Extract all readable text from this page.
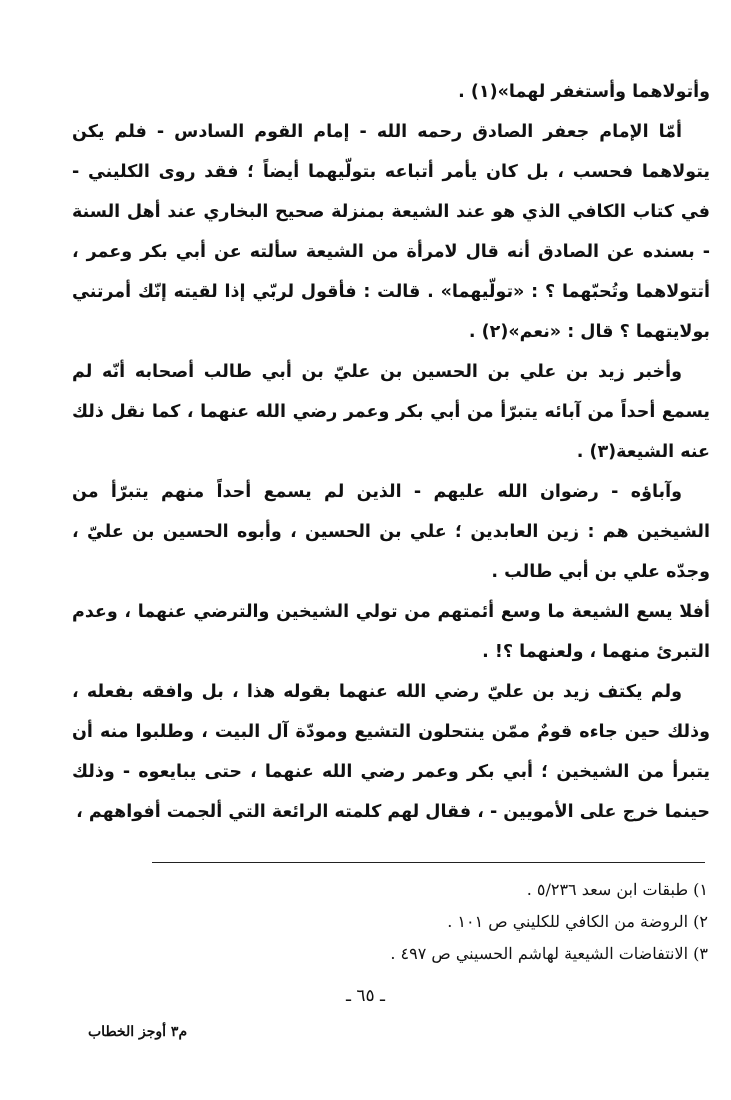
وأتولاهما وأستغفر لهما»(١) .

أمّا الإمام جعفر الصادق رحمه الله - إمام القوم السادس - فلم يكن يتولاهما فحسب ، بل كان يأمر أتباعه بتولّيهما أيضاً ؛ فقد روى الكليني - في كتاب الكافي الذي هو عند الشيعة بمنزلة صحيح البخاري عند أهل السنة - بسنده عن الصادق أنه قال لامرأة من الشيعة سألته عن أبي بكر وعمر ، أتتولاهما وتُحبّهما ؟ : «تولّيهما» . قالت : فأقول لربّي إذا لقيته إنّك أمرتني بولايتهما ؟ قال : «نعم»(٢) .

وأخبر زيد بن علي بن الحسين بن عليّ بن أبي طالب أصحابه أنّه لم يسمع أحداً من آبائه يتبرّأ من أبي بكر وعمر رضي الله عنهما ، كما نقل ذلك عنه الشيعة(٣) .

وآباؤه - رضوان الله عليهم - الذين لم يسمع أحداً منهم يتبرّأ من الشيخين هم : زين العابدين ؛ علي بن الحسين ، وأبوه الحسين بن عليّ ، وجدّه علي بن أبي طالب .

أفلا يسع الشيعة ما وسع أئمتهم من تولي الشيخين والترضي عنهما ، وعدم التبرئ منهما ، ولعنهما ؟! .

ولم يكتف زيد بن عليّ رضي الله عنهما بقوله هذا ، بل وافقه بفعله ، وذلك حين جاءه قومٌ ممّن ينتحلون التشيع ومودّة آل البيت ، وطلبوا منه أن يتبرأ من الشيخين ؛ أبي بكر وعمر رضي الله عنهما ، حتى يبايعوه - وذلك حينما خرج على الأمويين - ، فقال لهم كلمته الرائعة التي ألجمت أفواههم ،

١) طبقات ابن سعد ٥/٢٣٦ .
٢) الروضة من الكافي للكليني ص ١٠١ .
٣) الانتفاضات الشيعية لهاشم الحسيني ص ٤٩٧ .
ـ ٦٥ ـ
م٣ أوجز الخطاب
